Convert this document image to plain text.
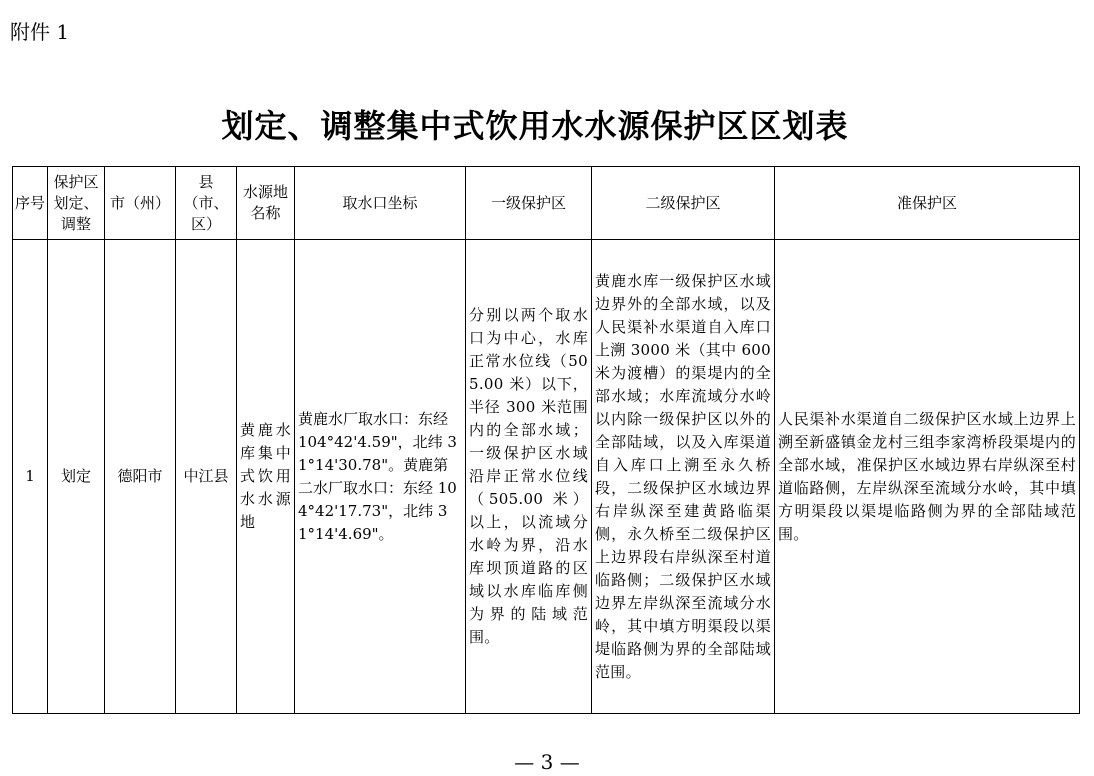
附件 1
划定、调整集中式饮用水水源保护区区划表
序号	保护区划定、调整	市（州）	县（市、区）	水源地名称	取水口坐标	一级保护区	二级保护区	准保护区
1	划定	德阳市	中江县	黄鹿水库集中式饮用水水源地	黄鹿水厂取水口：东经 104°42'4.59"，北纬 31°14'30.78"。黄鹿第二水厂取水口：东经 104°42'17.73"，北纬 31°14'4.69"。	分别以两个取水口为中心，水库正常水位线（505.00 米）以下，半径 300 米范围内的全部水域；一级保护区水域沿岸正常水位线（505.00 米）以上，以流域分水岭为界，沿水库坝顶道路的区域以水库临库侧为界的陆域范围。	黄鹿水库一级保护区水域边界外的全部水域，以及人民渠补水渠道自入库口上溯 3000 米（其中 600 米为渡槽）的渠堤内的全部水域；水库流域分水岭以内除一级保护区以外的全部陆域，以及入库渠道自入库口上溯至永久桥段，二级保护区水域边界右岸纵深至建黄路临渠侧，永久桥至二级保护区上边界段右岸纵深至村道临路侧；二级保护区水域边界左岸纵深至流域分水岭，其中填方明渠段以渠堤临路侧为界的全部陆域范围。	人民渠补水渠道自二级保护区水域上边界上溯至新盛镇金龙村三组李家湾桥段渠堤内的全部水域，准保护区水域边界右岸纵深至村道临路侧，左岸纵深至流域分水岭，其中填方明渠段以渠堤临路侧为界的全部陆域范围。
— 3 —
